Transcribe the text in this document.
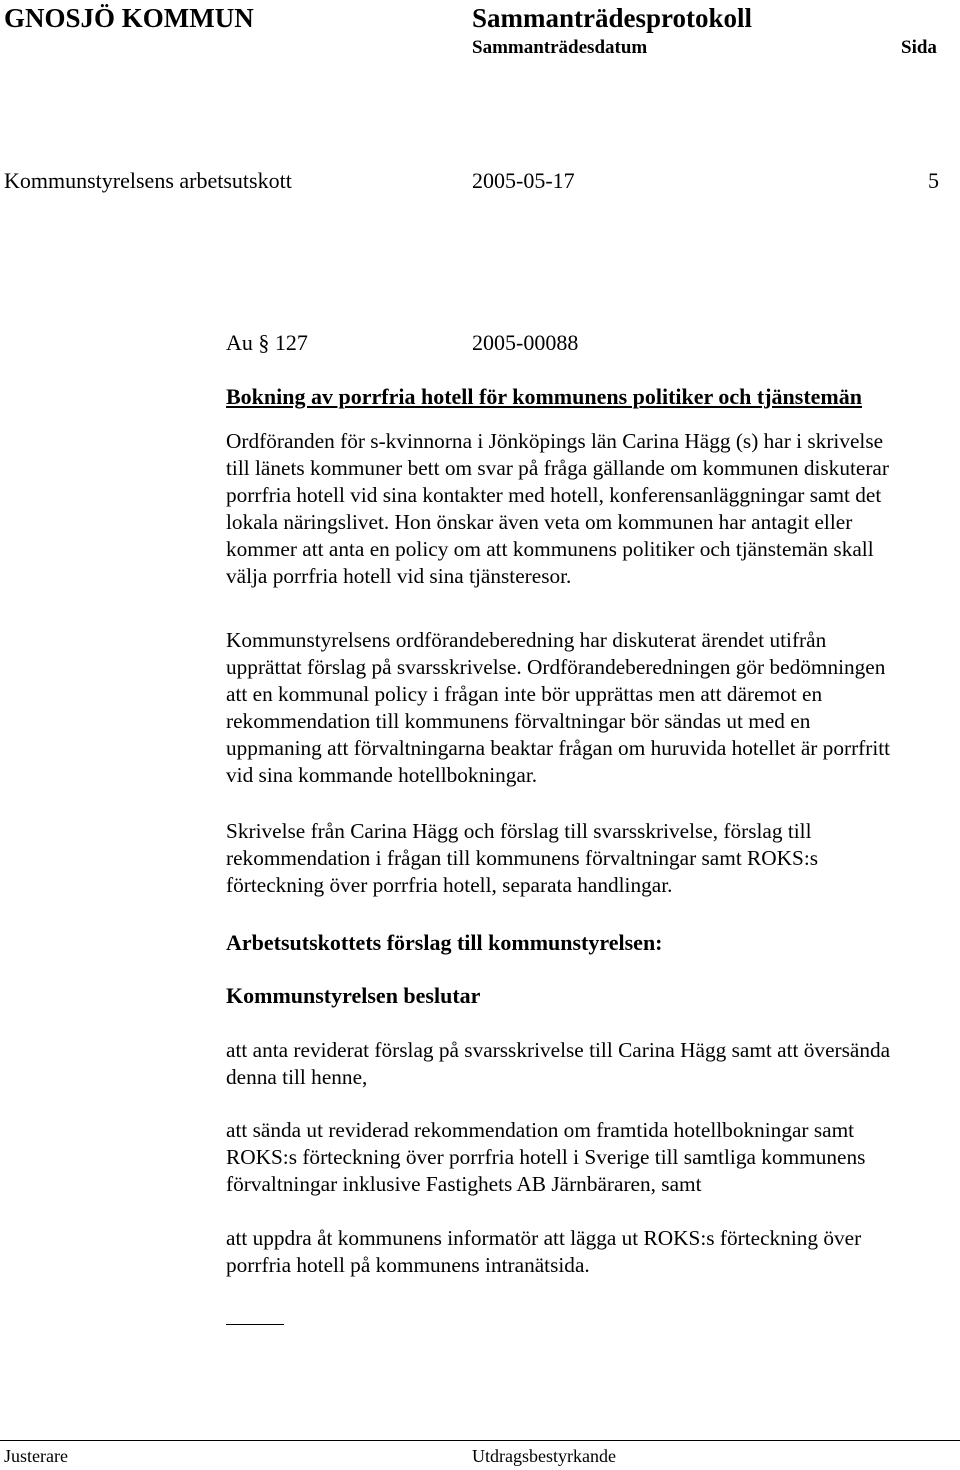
GNOSJÖ KOMMUN	Sammanträdesprotokoll
Sammanträdesdatum	Sida
Kommunstyrelsens arbetsutskott	2005-05-17	5
Au § 127	2005-00088
Bokning av porrfria hotell för kommunens politiker och tjänstemän
Ordföranden för s-kvinnorna i Jönköpings län Carina Hägg (s) har i skrivelse
till länets kommuner bett om svar på fråga gällande om kommunen diskuterar
porrfria hotell vid sina kontakter med hotell, konferensanläggningar samt det
lokala näringslivet. Hon önskar även veta om kommunen har antagit eller
kommer att anta en policy om att kommunens politiker och tjänstemän skall
välja porrfria hotell vid sina tjänsteresor.
Kommunstyrelsens ordförandeberedning har diskuterat ärendet utifrån
upprättat förslag på svarsskrivelse. Ordförandeberedningen gör bedömningen
att en kommunal policy i frågan inte bör upprättas men att däremot en
rekommendation till kommunens förvaltningar bör sändas ut med en
uppmaning att förvaltningarna beaktar frågan om huruvida hotellet är porrfritt
vid sina kommande hotellbokningar.
Skrivelse från Carina Hägg och förslag till svarsskrivelse, förslag till
rekommendation i frågan till kommunens förvaltningar samt ROKS:s
förteckning över porrfria hotell, separata handlingar.
Arbetsutskottets förslag till kommunstyrelsen:
Kommunstyrelsen beslutar
att anta reviderat förslag på svarsskrivelse till Carina Hägg samt att översända
denna till henne,
att sända ut reviderad rekommendation om framtida hotellbokningar samt
ROKS:s förteckning över porrfria hotell i Sverige till samtliga kommunens
förvaltningar inklusive Fastighets AB Järnbäraren, samt
att uppdra åt kommunens informatör att lägga ut ROKS:s förteckning över
porrfria hotell på kommunens intranätsida.
Justerare	Utdragsbestyrkande
